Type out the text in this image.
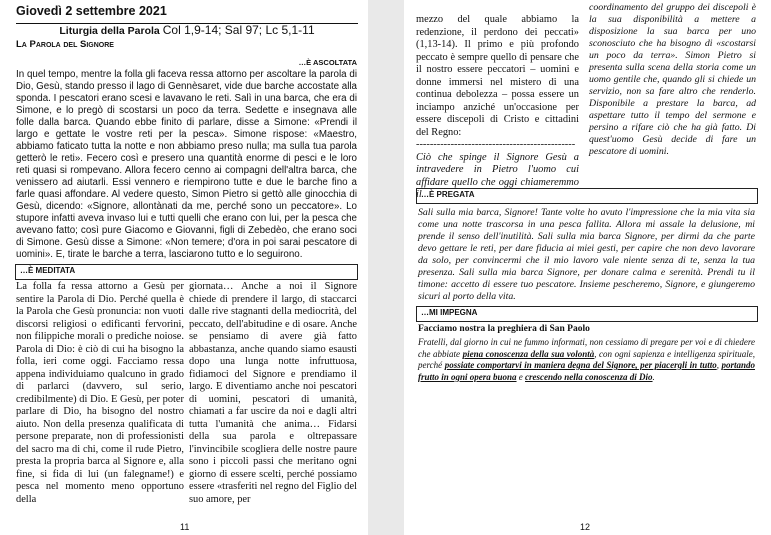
Giovedì 2 settembre 2021
Liturgia della Parola Col 1,9-14; Sal 97; Lc 5,1-11
La Parola del Signore
…È ASCOLTATA
In quel tempo, mentre la folla gli faceva ressa attorno per ascoltare la parola di Dio, Gesù, stando presso il lago di Gennèsaret, vide due barche accostate alla sponda. I pescatori erano scesi e lavavano le reti. Salì in una barca, che era di Simone, e lo pregò di scostarsi un poco da terra. Sedette e insegnava alle folle dalla barca. Quando ebbe finito di parlare, disse a Simone: «Prendi il largo e gettate le vostre reti per la pesca». Simone rispose: «Maestro, abbiamo faticato tutta la notte e non abbiamo preso nulla; ma sulla tua parola getterò le reti». Fecero così e presero una quantità enorme di pesci e le loro reti quasi si rompevano. Allora fecero cenno ai compagni dell'altra barca, che venissero ad aiutarli. Essi vennero e riempirono tutte e due le barche fino a farle quasi affondare. Al vedere questo, Simon Pietro si gettò alle ginocchia di Gesù, dicendo: «Signore, allontànati da me, perché sono un peccatore». Lo stupore infatti aveva invaso lui e tutti quelli che erano con lui, per la pesca che avevano fatto; così pure Giacomo e Giovanni, figli di Zebedèo, che erano soci di Simone. Gesù disse a Simone: «Non temere; d'ora in poi sarai pescatore di uomini». E, tirate le barche a terra, lasciarono tutto e lo seguirono.
…È MEDITATA
La folla fa ressa attorno a Gesù per sentire la Parola di Dio. Perché quella è la Parola che Gesù pronuncia: non vuoti discorsi religiosi o edificanti fervorini, non filippiche morali o prediche noiose. Parola di Dio: è ciò di cui ha bisogno la folla, ieri come oggi. Facciamo ressa appena individuiamo qualcuno in grado di parlarci (davvero, sul serio, credibilmente) di Dio. E Gesù, per poter parlare di Dio, ha bisogno del nostro aiuto. Non della presenza qualificata di persone preparate, non di professionisti del sacro ma di chi, come il rude Pietro, presta la propria barca al Signore e, alla fine, si fida di lui (un falegname!) e pesca nel momento meno opportuno della
giornata… Anche a noi il Signore chiede di prendere il largo, di staccarci dalle rive stagnanti della mediocrità, del peccato, dell'abitudine e di osare. Anche se pensiamo di avere già fatto abbastanza, anche quando siamo esausti dopo una lunga notte infruttuosa, fidiamoci del Signore e prendiamo il largo. E diventiamo anche noi pescatori di uomini, pescatori di umanità, chiamati a far uscire da noi e dagli altri tutta l'umanità che anima… Fidarsi della sua parola e oltrepassare l'invincibile scogliera delle nostre paure sono i piccoli passi che meritano ogni giorno di essere scelti, perché possiamo essere «trasferiti nel regno del Figlio del suo amore, per
11
mezzo del quale abbiamo la redenzione, il perdono dei peccati» (1,13-14). Il primo e più profondo peccato è sempre quello di pensare che il nostro essere peccatori – uomini e donne immersi nel mistero di una continua debolezza – possa essere un inciampo anziché un'occasione per essere discepoli di Cristo e cittadini del Regno:
----------------------------------------------
Ciò che spinge il Signore Gesù a intravedere in Pietro l'uomo cui affidare quello che oggi chiameremmo il
coordinamento del gruppo dei discepoli è la sua disponibilità a mettere a disposizione la sua barca per uno sconosciuto che ha bisogno di «scostarsi un poco da terra». Simon Pietro si presenta sulla scena della storia come un uomo gentile che, quando gli si chiede un servizio, non sa fare altro che renderlo. Disponibile a prestare la barca, ad aspettare tutto il tempo del sermone e persino a rifare ciò che ha già fatto. Di quest'uomo Gesù decide di fare un pescatore di uomini.
…È PREGATA
Sali sulla mia barca, Signore! Tante volte ho avuto l'impressione che la mia vita sia come una notte trascorsa in una pesca fallita. Allora mi assale la delusione, mi prende il senso dell'inutilità. Sali sulla mia barca Signore, per dirmi da che parte devo gettare le reti, per dare fiducia ai miei gesti, per capire che non devo lavorare da solo, per convincermi che il mio lavoro vale niente senza di te, senza la tua presenza. Sali sulla mia barca Signore, per donare calma e serenità. Prendi tu il timone: accetto di essere tuo pescatore. Insieme pescheremo, Signore, e giungeremo sicuri al porto della vita.
…MI IMPEGNA
Facciamo nostra la preghiera di San Paolo
Fratelli, dal giorno in cui ne fummo informati, non cessiamo di pregare per voi e di chiedere che abbiate piena conoscenza della sua volontà, con ogni sapienza e intelligenza spirituale, perché possiate comportarvi in maniera degna del Signore, per piacergli in tutto, portando frutto in ogni opera buona e crescendo nella conoscenza di Dio.
12
